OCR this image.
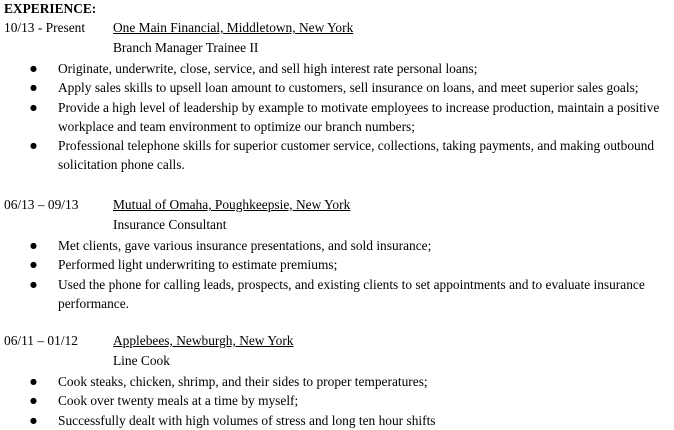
EXPERIENCE:
10/13 - Present One Main Financial, Middletown, New York
Branch Manager Trainee II
● Originate, underwrite, close, service, and sell high interest rate personal loans;
● Apply sales skills to upsell loan amount to customers, sell insurance on loans, and meet superior sales goals;
● Provide a high level of leadership by example to motivate employees to increase production, maintain a positive workplace and team environment to optimize our branch numbers;
● Professional telephone skills for superior customer service, collections, taking payments, and making outbound solicitation phone calls.
06/13 – 09/13	Mutual of Omaha, Poughkeepsie, New York
Insurance Consultant
● Met clients, gave various insurance presentations, and sold insurance;
● Performed light underwriting to estimate premiums;
● Used the phone for calling leads, prospects, and existing clients to set appointments and to evaluate insurance performance.
06/11 – 01/12	Applebees, Newburgh, New York
Line Cook
● Cook steaks, chicken, shrimp, and their sides to proper temperatures;
● Cook over twenty meals at a time by myself;
● Successfully dealt with high volumes of stress and long ten hour shifts
